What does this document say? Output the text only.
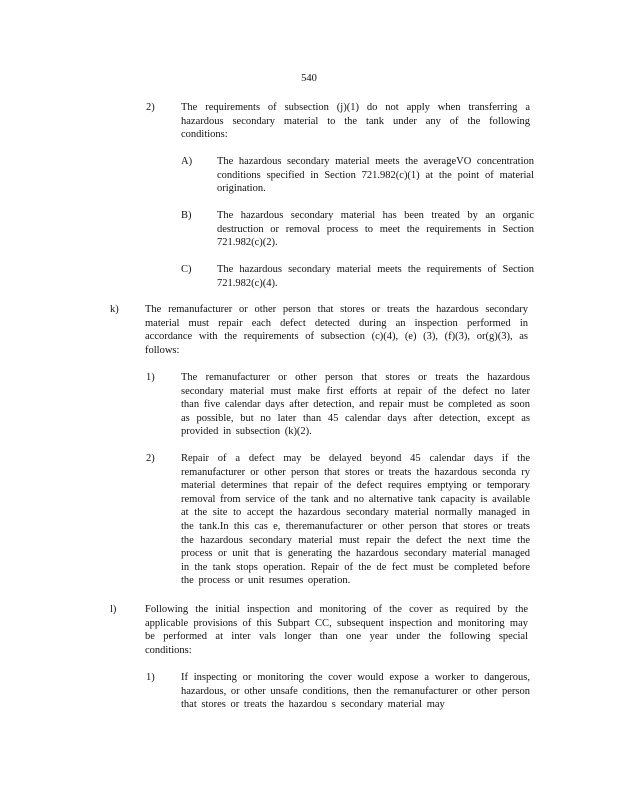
540
2)	The requirements of subsection (j)(1) do not apply when transferring a hazardous secondary material to the tank under any of the following conditions:
A) The hazardous secondary material meets the averageVO concentration conditions specified in Section 721.982(c)(1) at the point of material origination.
B) The hazardous secondary material has been treated by an organic destruction or removal process to meet the requirements in Section 721.982(c)(2).
C) The hazardous secondary material meets the requirements of Section 721.982(c)(4).
k)	The remanufacturer or other person that stores or treats the hazardous secondary material must repair each defect detected during an inspection performed in accordance with the requirements of subsection (c)(4), (e) (3), (f)(3), or(g)(3), as follows:
1)	The remanufacturer or other person that stores or treats the hazardous secondary material must make first efforts at repair of the defect no later than five calendar days after detection, and repair must be completed as soon as possible, but no later than 45 calendar days after detection, except as provided in subsection (k)(2).
2)	Repair of a defect may be delayed beyond 45 calendar days if the remanufacturer or other person that stores or treats the hazardous seconda ry material determines that repair of the defect requires emptying or temporary removal from service of the tank and no alternative tank capacity is available at the site to accept the hazardous secondary material normally managed in the tank.In this cas e, theremanufacturer or other person that stores or treats the hazardous secondary material must repair the defect the next time the process or unit that is generating the hazardous secondary material managed in the tank stops operation. Repair of the de fect must be completed before the process or unit resumes operation.
l)	Following the initial inspection and monitoring of the cover as required by the applicable provisions of this Subpart CC, subsequent inspection and monitoring may be performed at inter vals longer than one year under the following special conditions:
1)	If inspecting or monitoring the cover would expose a worker to dangerous, hazardous, or other unsafe conditions, then the remanufacturer or other person that stores or treats the hazardou s secondary material may
